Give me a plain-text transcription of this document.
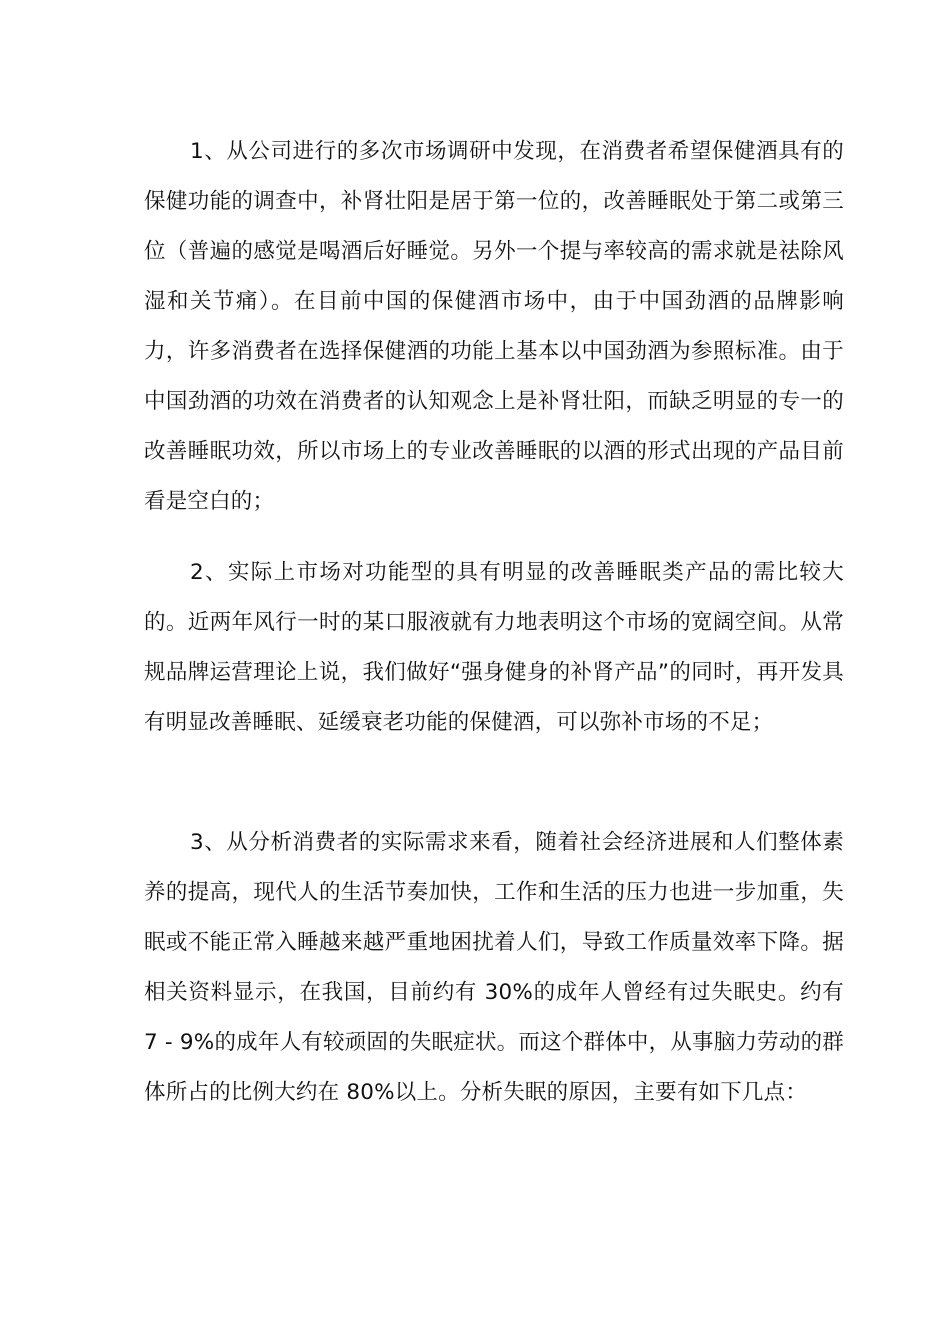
1、从公司进行的多次市场调研中发现，在消费者希望保健酒具有的保健功能的调查中，补肾壮阳是居于第一位的，改善睡眠处于第二或第三位（普遍的感觉是喝酒后好睡觉。另外一个提与率较高的需求就是祛除风湿和关节痛）。在目前中国的保健酒市场中，由于中国劲酒的品牌影响力，许多消费者在选择保健酒的功能上基本以中国劲酒为参照标准。由于中国劲酒的功效在消费者的认知观念上是补肾壮阳，而缺乏明显的专一的改善睡眠功效，所以市场上的专业改善睡眠的以酒的形式出现的产品目前看是空白的；

2、实际上市场对功能型的具有明显的改善睡眠类产品的需比较大的。近两年风行一时的某口服液就有力地表明这个市场的宽阔空间。从常规品牌运营理论上说，我们做好“强身健身的补肾产品”的同时，再开发具有明显改善睡眠、延缓衰老功能的保健酒，可以弥补市场的不足；

3、从分析消费者的实际需求来看，随着社会经济进展和人们整体素养的提高，现代人的生活节奏加快，工作和生活的压力也进一步加重，失眠或不能正常入睡越来越严重地困扰着人们，导致工作质量效率下降。据相关资料显示，在我国，目前约有 30%的成年人曾经有过失眠史。约有 7 - 9%的成年人有较顽固的失眠症状。而这个群体中，从事脑力劳动的群体所占的比例大约在 80%以上。分析失眠的原因，主要有如下几点：
